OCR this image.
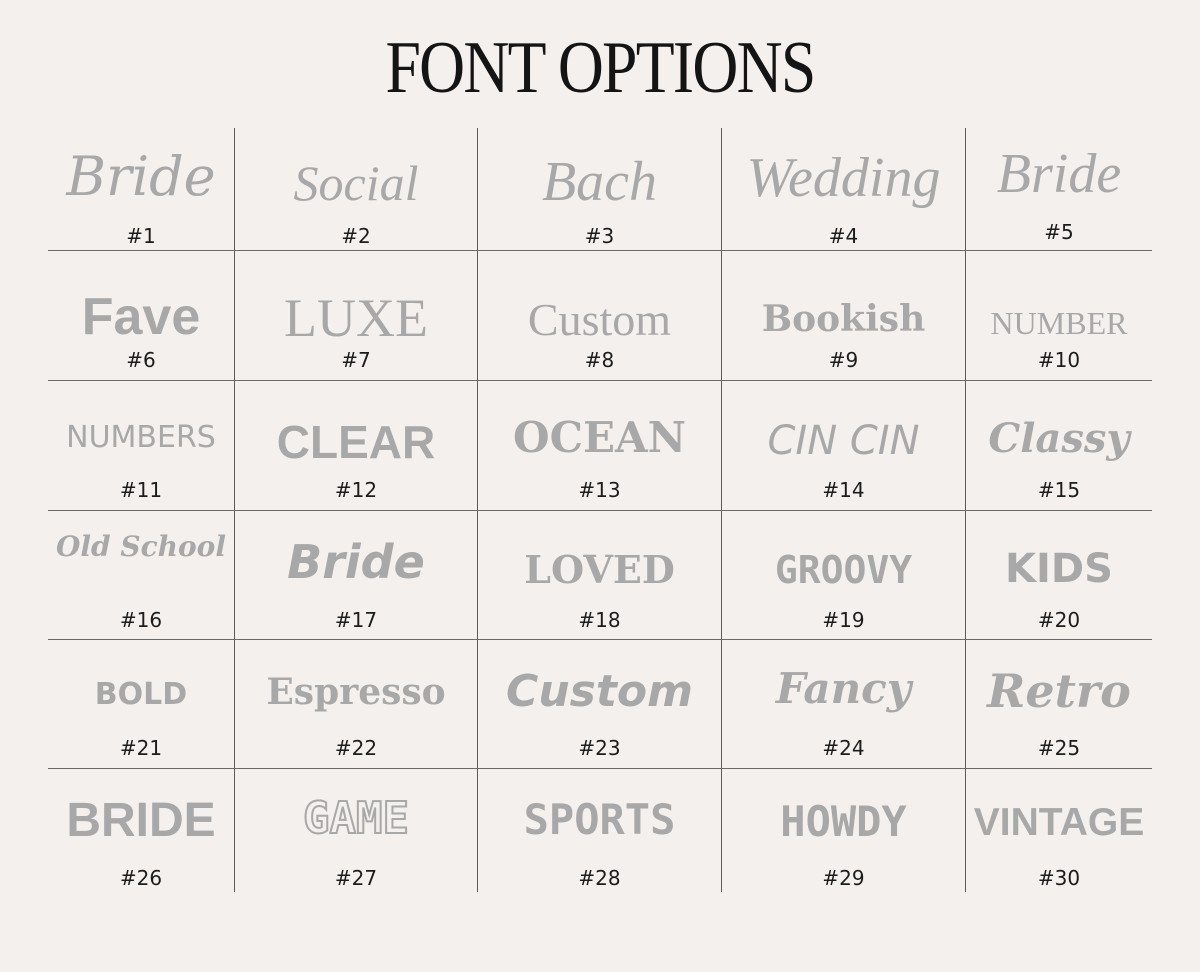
FONT OPTIONS
Bride
#1
Social
#2
Bach
#3
Wedding
#4
Bride
#5
Fave
#6
LUXE
#7
Custom
#8
Bookish
#9
NUMBER
#10
NUMBERS
#11
CLEAR
#12
OCEAN
#13
CIN CIN
#14
Classy
#15
Old School
#16
Bride
#17
LOVED
#18
GROOVY
#19
KIDS
#20
BOLD
#21
Espresso
#22
Custom
#23
Fancy
#24
Retro
#25
BRIDE
#26
GAME
#27
SPORTS
#28
HOWDY
#29
VINTAGE
#30
